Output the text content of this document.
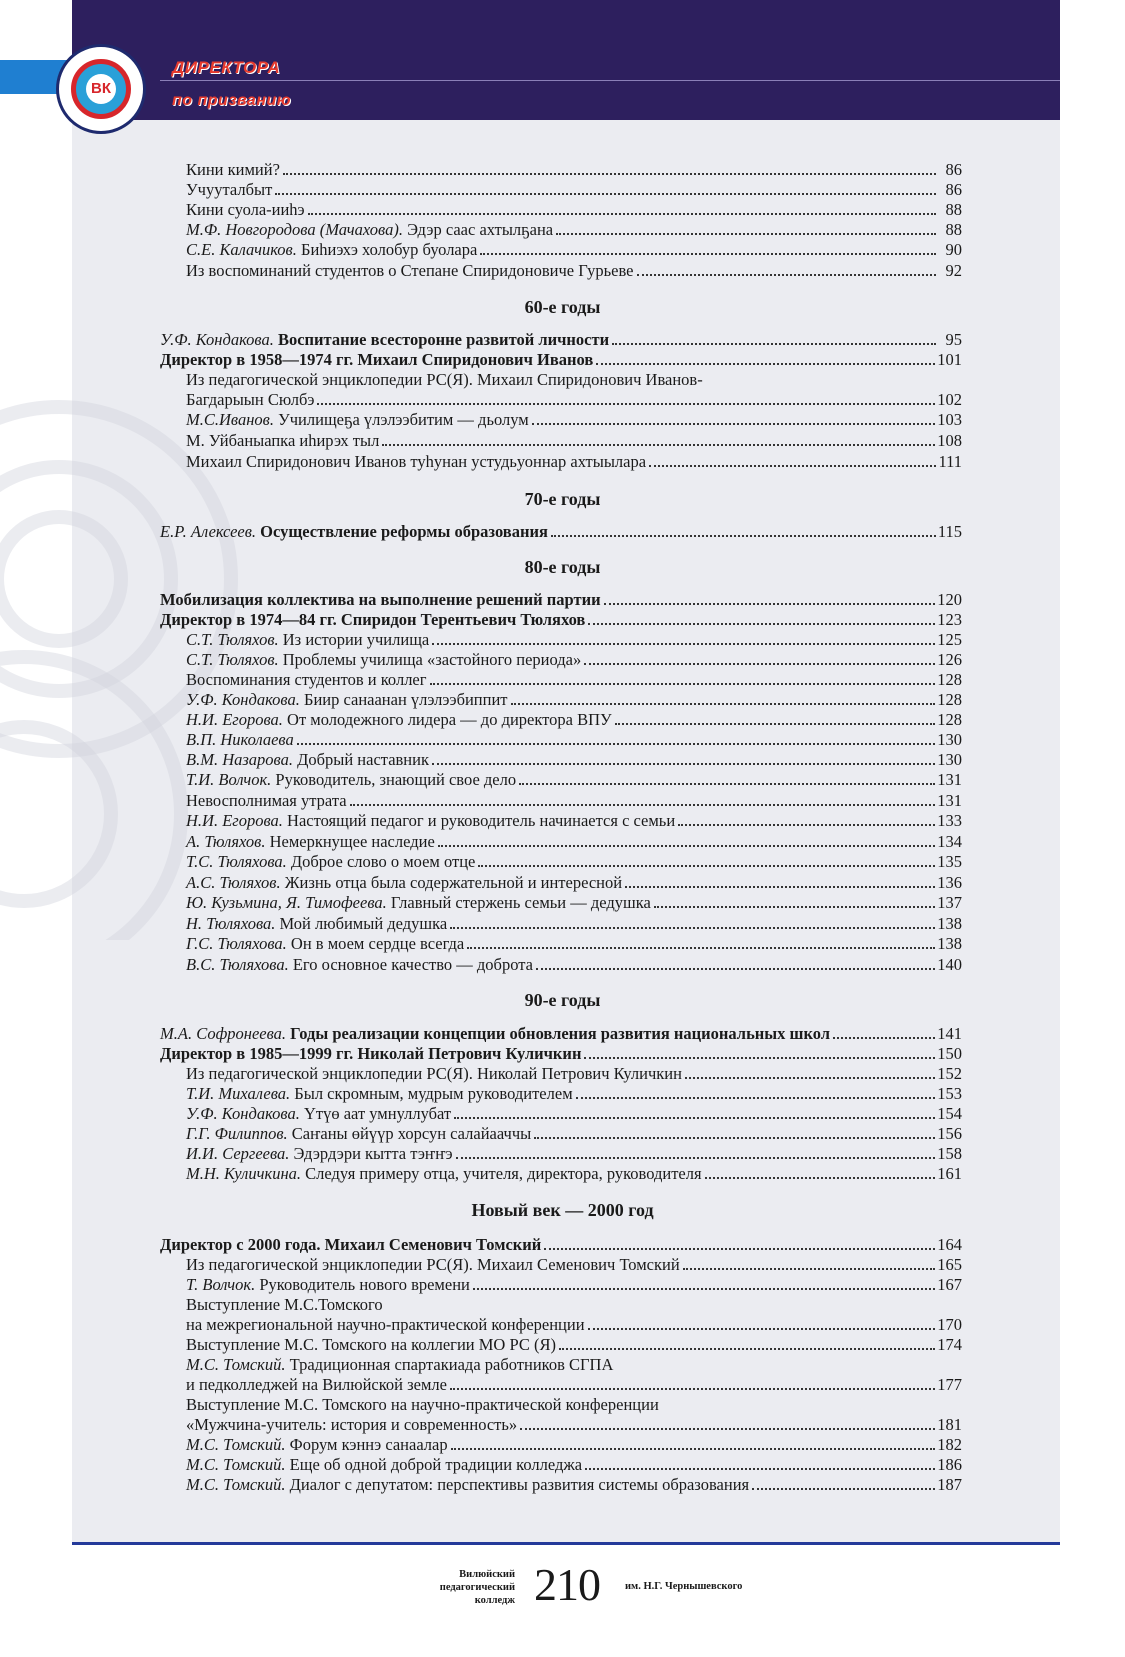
ВК
ДИРЕКТОРА
по призванию
60-е годы
70-е годы
80-е годы
90-е годы
Новый век — 2000 год
Кини кимий?	86
Учууталбыт	86
Кини суола-ииһэ	88
М.Ф. Новгородова (Мачахова). Эдэр саас ахтылҕана	88
С.Е. Калачиков. Биһиэхэ холобур буолара	90
Из воспоминаний студентов о Степане Спиридоновиче Гурьеве	92
У.Ф. Кондакова. Воспитание всесторонне развитой личности	95
Директор в 1958—1974 гг. Михаил Спиридонович Иванов	101
Из педагогической энциклопедии РС(Я). Михаил Спиридонович Иванов-
Багдарыын Сюлбэ	102
М.С.Иванов. Училищеҕа үлэлээбитим — дьолум	103
М. Уйбаныапка иһирэх тыл	108
Михаил Спиридонович Иванов туһунан устудьуоннар ахтыылара	111
Е.Р. Алексеев. Осуществление реформы образования	115
Мобилизация коллектива на выполнение решений партии	120
Директор в 1974—84 гг. Спиридон Терентьевич Тюляхов	123
С.Т. Тюляхов. Из истории училища	125
С.Т. Тюляхов. Проблемы училища «застойного периода»	126
Воспоминания студентов и коллег	128
У.Ф. Кондакова. Биир санаанан үлэлээбиппит	128
Н.И. Егорова. От молодежного лидера — до директора ВПУ	128
В.П. Николаева	130
В.М. Назарова. Добрый наставник	130
Т.И. Волчок. Руководитель, знающий свое дело	131
Невосполнимая утрата	131
Н.И. Егорова. Настоящий педагог и руководитель начинается с семьи	133
А. Тюляхов. Немеркнущее наследие	134
Т.С. Тюляхова. Доброе слово о моем отце	135
А.С. Тюляхов. Жизнь отца была содержательной и интересной	136
Ю. Кузьмина, Я. Тимофеева. Главный стержень семьи — дедушка	137
Н. Тюляхова. Мой любимый дедушка	138
Г.С. Тюляхова. Он в моем сердце всегда	138
В.С. Тюляхова. Его основное качество — доброта	140
М.А. Софронеева. Годы реализации концепции обновления развития национальных школ	141
Директор в 1985—1999 гг. Николай Петрович Куличкин	150
Из педагогической энциклопедии РС(Я). Николай Петрович Куличкин	152
Т.И. Михалева. Был скромным, мудрым руководителем	153
У.Ф. Кондакова. Үтүө аат умнуллубат	154
Г.Г. Филиппов. Саҥаны өйүүр хорсун салайааччы	156
И.И. Сергеева. Эдэрдэри кытта тэҥҥэ	158
М.Н. Куличкина. Следуя примеру отца, учителя, директора, руководителя	161
Директор с 2000 года. Михаил Семенович Томский	164
Из педагогической энциклопедии РС(Я). Михаил Семенович Томский	165
Т. Волчок. Руководитель нового времени	167
Выступление М.С.Томского
на межрегиональной научно-практической конференции	170
Выступление М.С. Томского на коллегии МО РС (Я)	174
М.С. Томский. Традиционная спартакиада работников СГПА
и педколледжей на Вилюйской земле	177
Выступление М.С. Томского на научно-практической конференции
«Мужчина-учитель: история и современность»	181
М.С. Томский. Форум кэннэ санаалар	182
М.С. Томский. Еще об одной доброй традиции колледжа	186
М.С. Томский. Диалог с депутатом: перспективы развития системы образования	187
Вилюйский
педагогический
колледж 210 им. Н.Г. Чернышевского
